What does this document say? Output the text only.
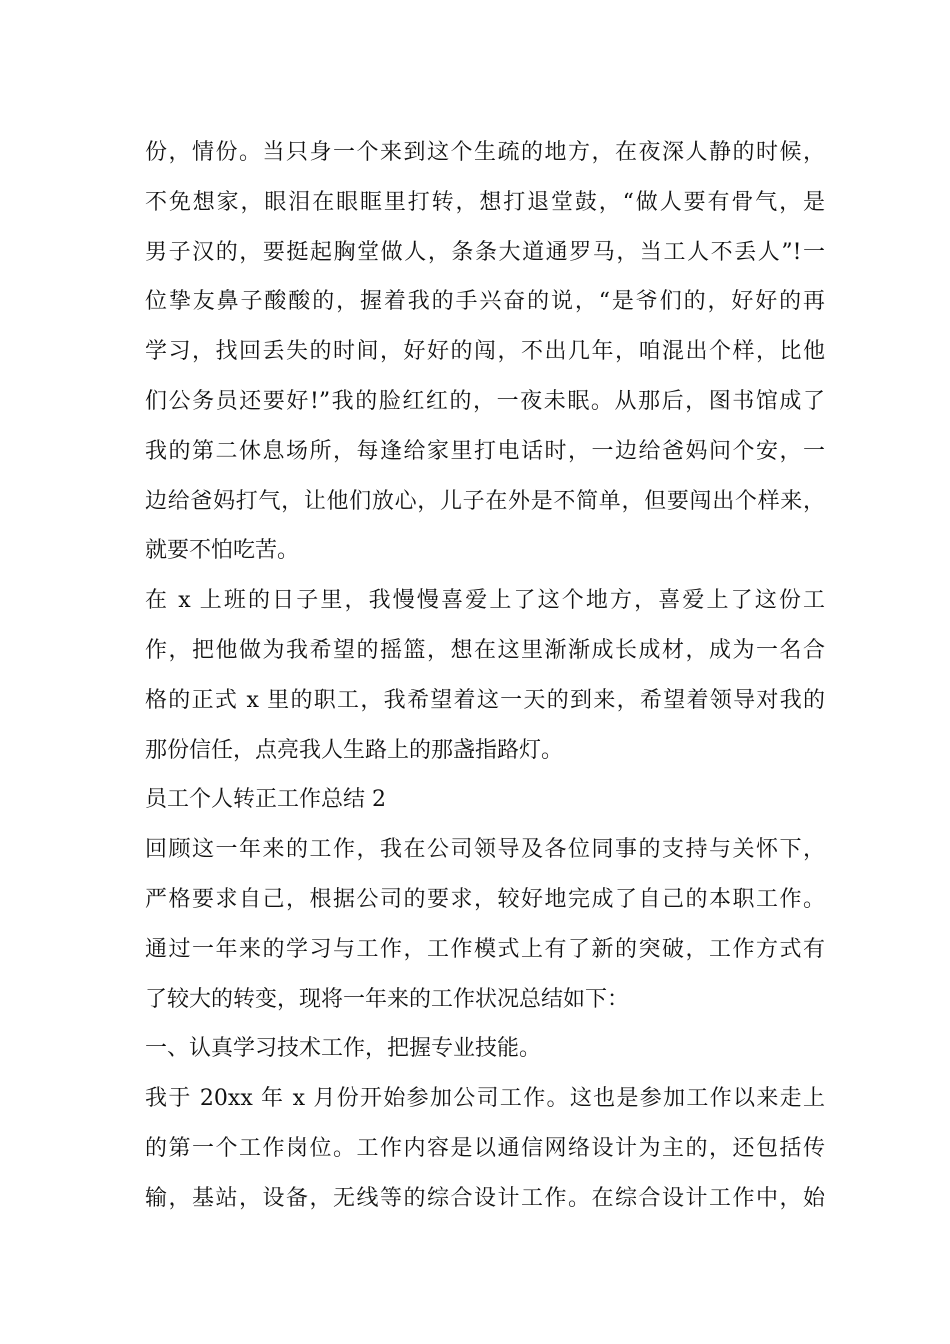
份，情份。当只身一个来到这个生疏的地方，在夜深人静的时候，
不免想家，眼泪在眼眶里打转，想打退堂鼓，“做人要有骨气，是
男子汉的，要挺起胸堂做人，条条大道通罗马，当工人不丢人”!一
位挚友鼻子酸酸的，握着我的手兴奋的说，“是爷们的，好好的再
学习，找回丢失的时间，好好的闯，不出几年，咱混出个样，比他
们公务员还要好!”我的脸红红的，一夜未眠。从那后，图书馆成了
我的第二休息场所，每逢给家里打电话时，一边给爸妈问个安，一
边给爸妈打气，让他们放心，儿子在外是不简单，但要闯出个样来，
就要不怕吃苦。
在 x 上班的日子里，我慢慢喜爱上了这个地方，喜爱上了这份工
作，把他做为我希望的摇篮，想在这里渐渐成长成材，成为一名合
格的正式 x 里的职工，我希望着这一天的到来，希望着领导对我的
那份信任，点亮我人生路上的那盏指路灯。
员工个人转正工作总结 2
回顾这一年来的工作，我在公司领导及各位同事的支持与关怀下，
严格要求自己，根据公司的要求，较好地完成了自己的本职工作。
通过一年来的学习与工作，工作模式上有了新的突破，工作方式有
了较大的转变，现将一年来的工作状况总结如下：
一、认真学习技术工作，把握专业技能。
我于 20xx 年 x 月份开始参加公司工作。这也是参加工作以来走上
的第一个工作岗位。工作内容是以通信网络设计为主的，还包括传
输，基站，设备，无线等的综合设计工作。在综合设计工作中，始
